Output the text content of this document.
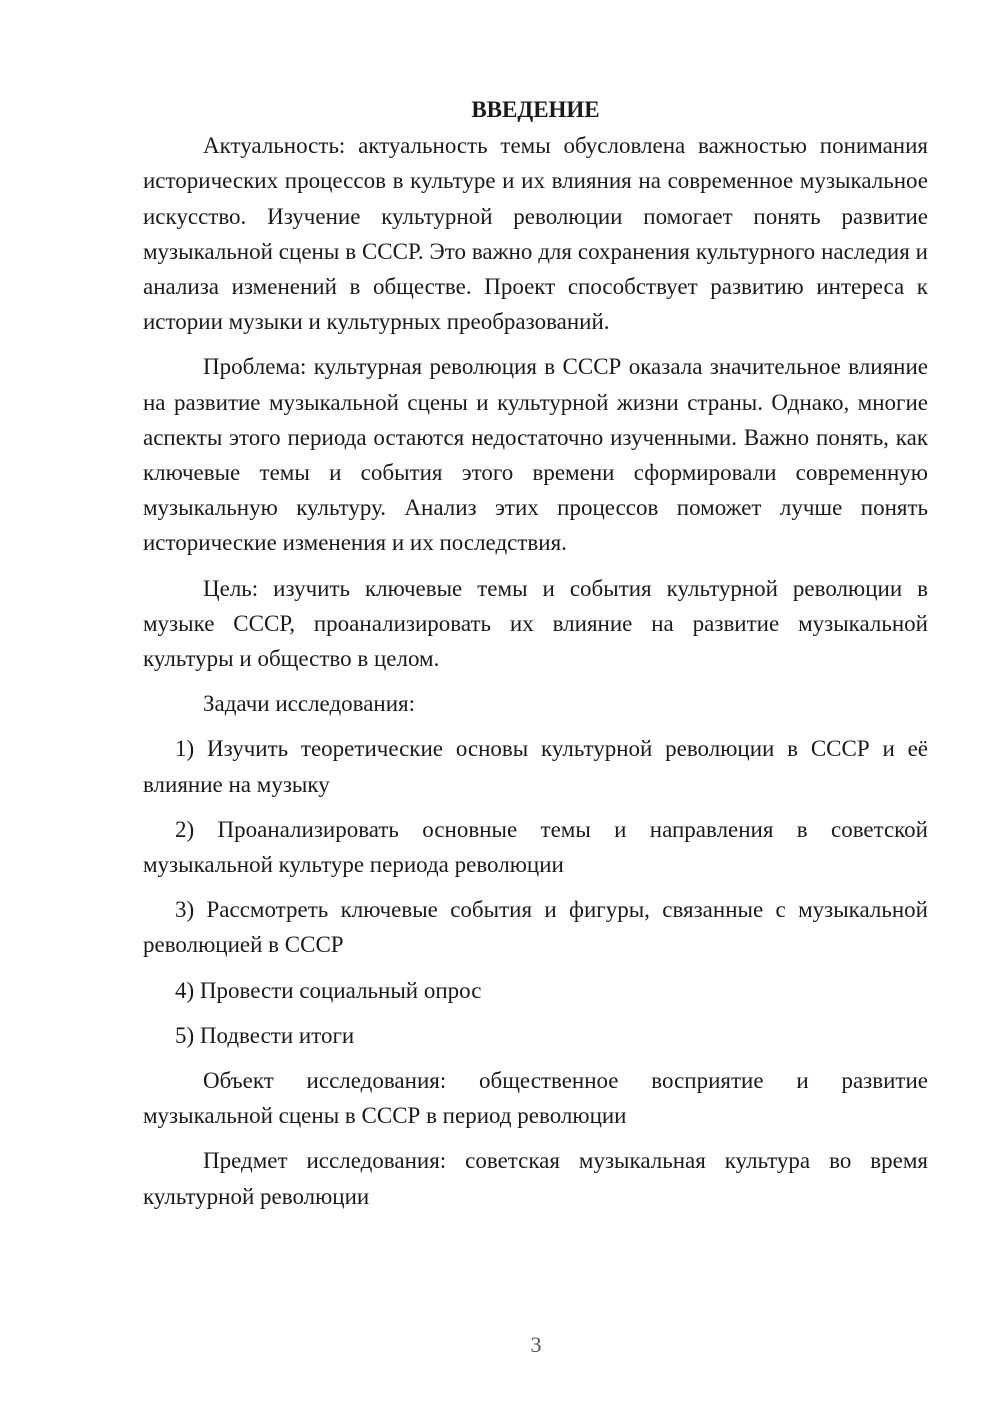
ВВЕДЕНИЕ

Актуальность: актуальность темы обусловлена важностью понимания исторических процессов в культуре и их влияния на современное музыкальное искусство. Изучение культурной революции помогает понять развитие музыкальной сцены в СССР. Это важно для сохранения культурного наследия и анализа изменений в обществе. Проект способствует развитию интереса к истории музыки и культурных преобразований.

Проблема: культурная революция в СССР оказала значительное влияние на развитие музыкальной сцены и культурной жизни страны. Однако, многие аспекты этого периода остаются недостаточно изученными. Важно понять, как ключевые темы и события этого времени сформировали современную музыкальную культуру. Анализ этих процессов поможет лучше понять исторические изменения и их последствия.

Цель: изучить ключевые темы и события культурной революции в музыке СССР, проанализировать их влияние на развитие музыкальной культуры и общество в целом.

Задачи исследования:

1) Изучить теоретические основы культурной революции в СССР и её влияние на музыку

2) Проанализировать основные темы и направления в советской музыкальной культуре периода революции

3) Рассмотреть ключевые события и фигуры, связанные с музыкальной революцией в СССР

4) Провести социальный опрос

5) Подвести итоги

Объект исследования: общественное восприятие и развитие музыкальной сцены в СССР в период революции

Предмет исследования: советская музыкальная культура во время культурной революции

3
